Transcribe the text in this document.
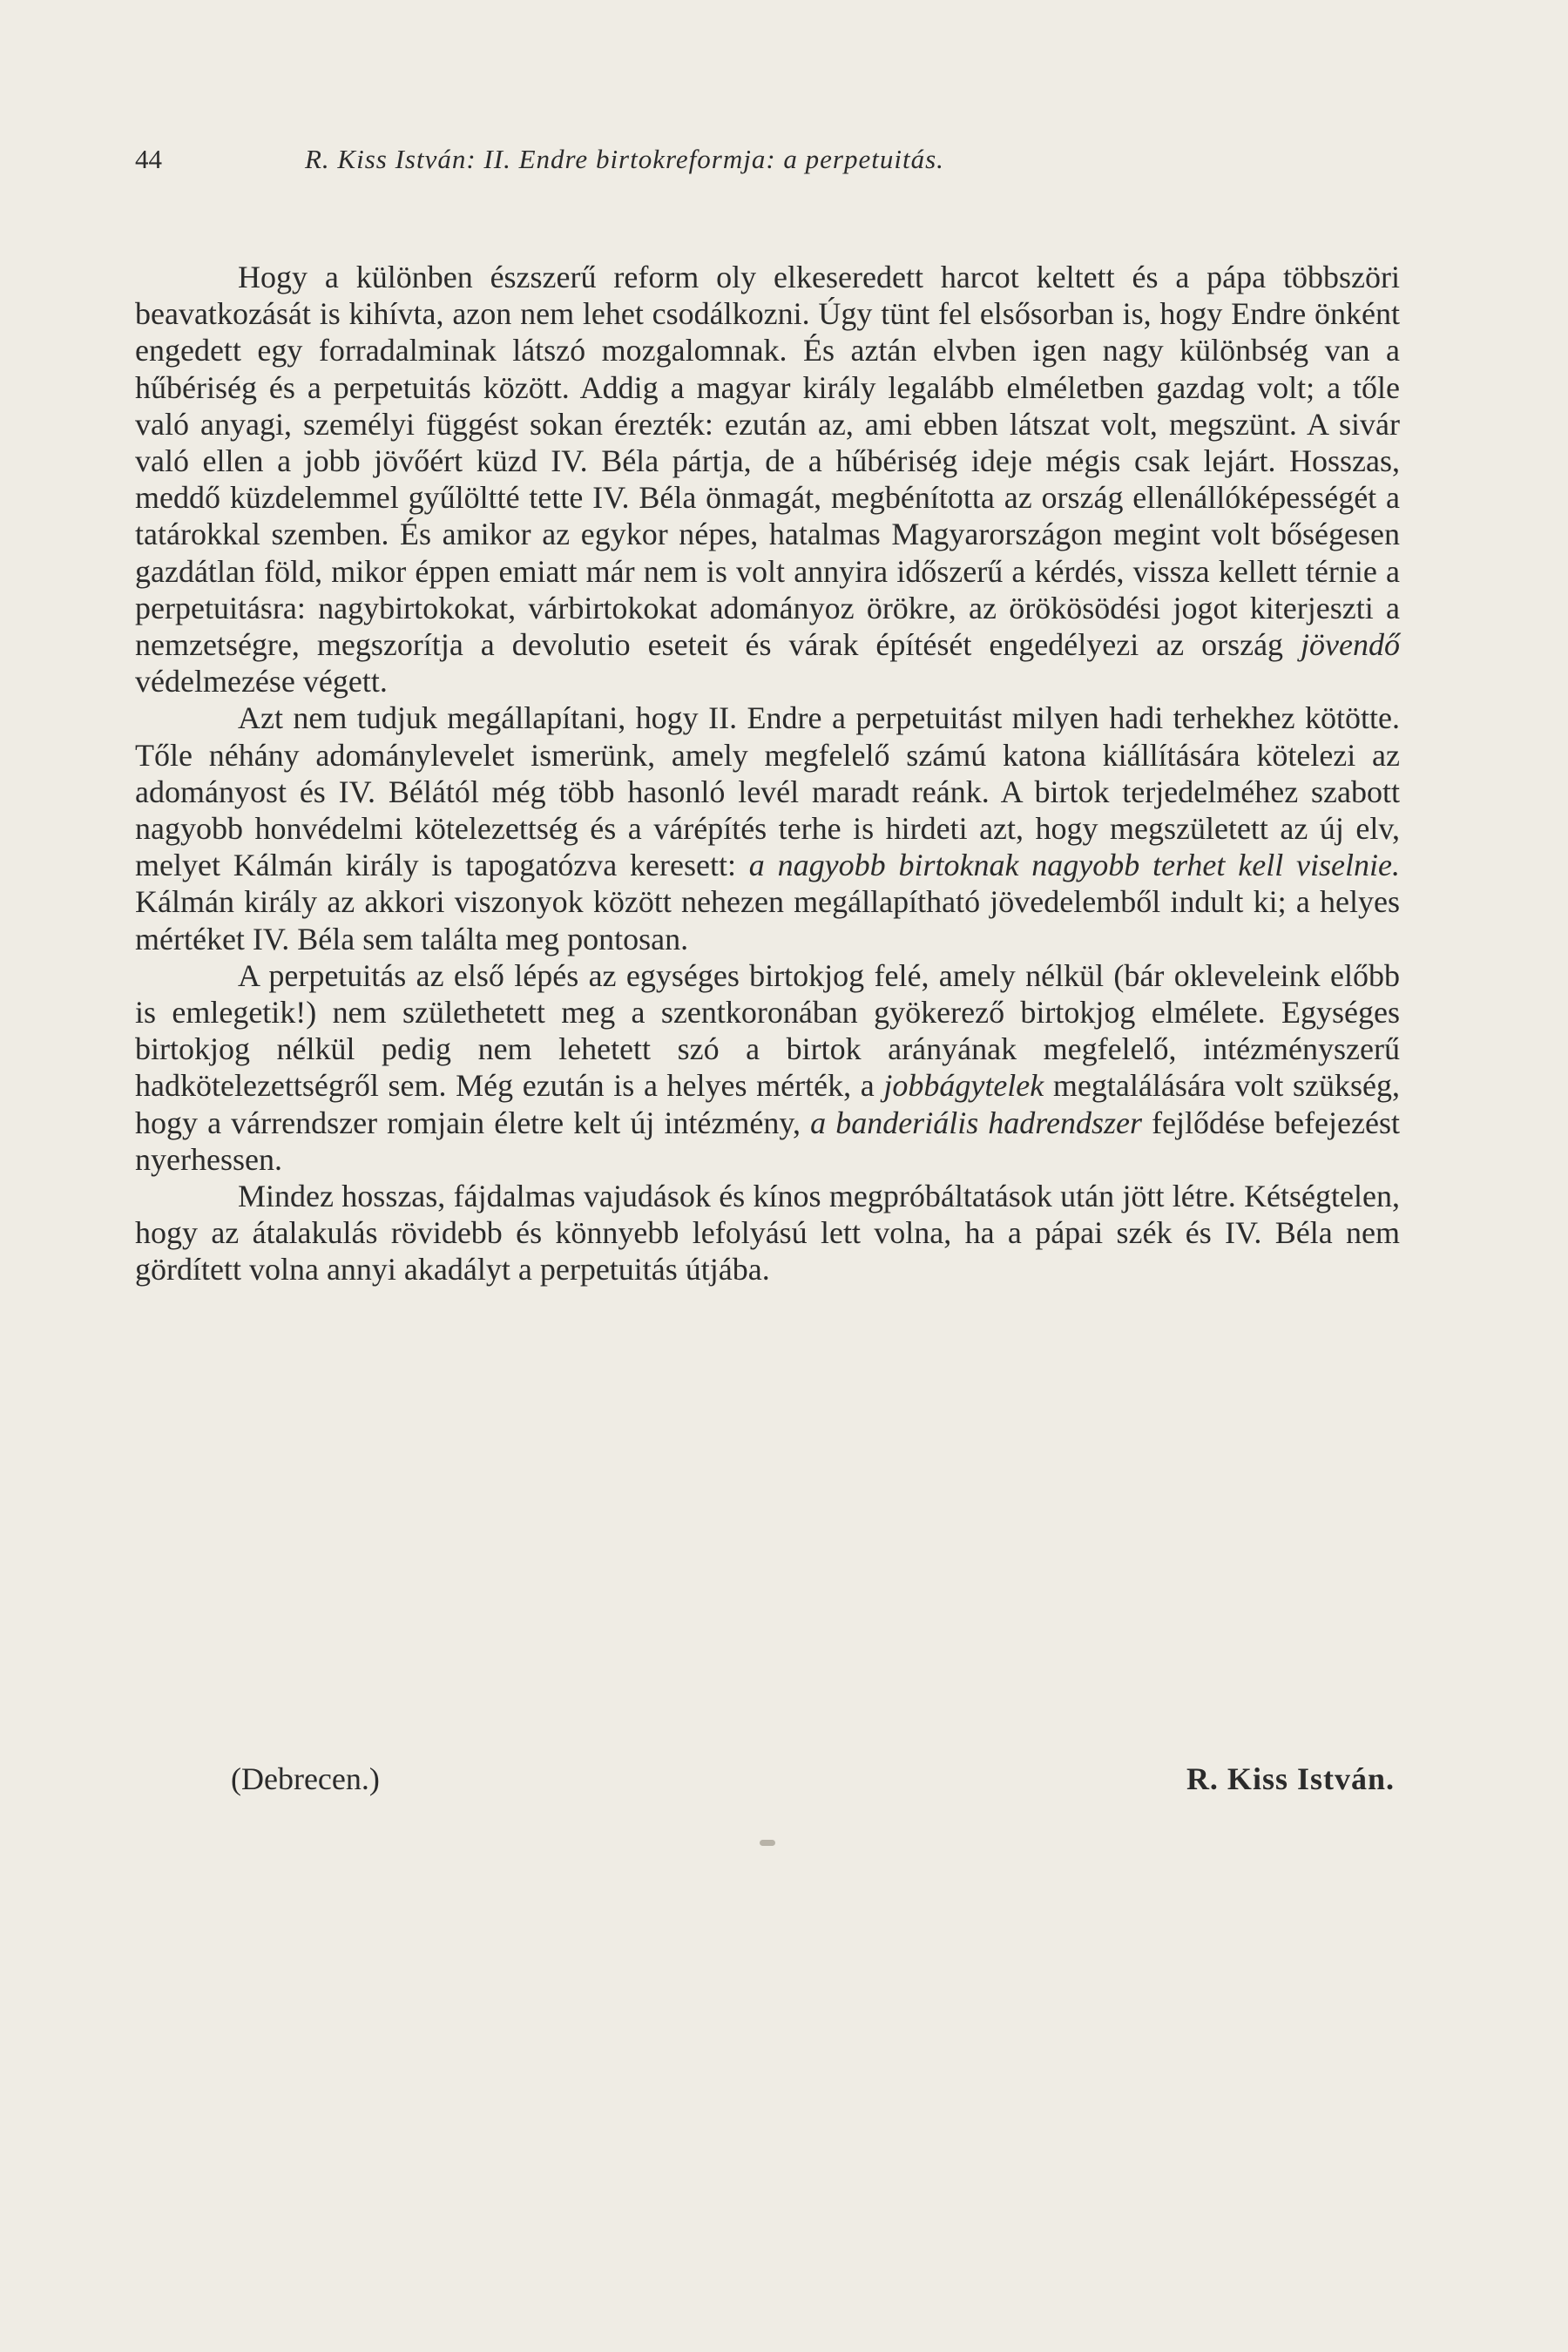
44	R. Kiss István: II. Endre birtokreformja: a perpetuitás.

Hogy a különben észszerű reform oly elkeseredett harcot keltett és a pápa többszöri beavatkozását is kihívta, azon nem lehet csodálkozni. Úgy tünt fel elsősorban is, hogy Endre önként engedett egy forradalminak látszó mozgalomnak. És aztán elvben igen nagy különbség van a hűbériség és a perpetuitás között. Addig a magyar király legalább elméletben gazdag volt; a tőle való anyagi, személyi függést sokan érezték: ezután az, ami ebben látszat volt, megszünt. A sivár való ellen a jobb jövőért küzd IV. Béla pártja, de a hűbériség ideje mégis csak lejárt. Hosszas, meddő küzdelemmel gyűlöltté tette IV. Béla önmagát, megbénította az ország ellenállóképességét a tatárokkal szemben. És amikor az egykor népes, hatalmas Magyarországon megint volt bőségesen gazdátlan föld, mikor éppen emiatt már nem is volt annyira időszerű a kérdés, vissza kellett térnie a perpetuitásra: nagybirtokokat, várbirtokokat adományoz örökre, az örökösödési jogot kiterjeszti a nemzetségre, megszorítja a devolutio eseteit és várak építését engedélyezi az ország jövendő védelmezése végett.

Azt nem tudjuk megállapítani, hogy II. Endre a perpetuitást milyen hadi terhekhez kötötte. Tőle néhány adománylevelet ismerünk, amely megfelelő számú katona kiállítására kötelezi az adományost és IV. Bélától még több hasonló levél maradt reánk. A birtok terjedelméhez szabott nagyobb honvédelmi kötelezettség és a várépítés terhe is hirdeti azt, hogy megszületett az új elv, melyet Kálmán király is tapogatózva keresett: a nagyobb birtoknak nagyobb terhet kell viselnie. Kálmán király az akkori viszonyok között nehezen megállapítható jövedelemből indult ki; a helyes mértéket IV. Béla sem találta meg pontosan.

A perpetuitás az első lépés az egységes birtokjog felé, amely nélkül (bár okleveleink előbb is emlegetik!) nem születhetett meg a szentkoronában gyökerező birtokjog elmélete. Egységes birtokjog nélkül pedig nem lehetett szó a birtok arányának megfelelő, intézményszerű hadkötelezettségről sem. Még ezután is a helyes mérték, a jobbágytelek megtalálására volt szükség, hogy a várrendszer romjain életre kelt új intézmény, a banderiális hadrendszer fejlődése befejezést nyerhessen.

Mindez hosszas, fájdalmas vajudások és kínos megpróbáltatások után jött létre. Kétségtelen, hogy az átalakulás rövidebb és könnyebb lefolyású lett volna, ha a pápai szék és IV. Béla nem gördített volna annyi akadályt a perpetuitás útjába.

(Debrecen.)	R. Kiss István.
